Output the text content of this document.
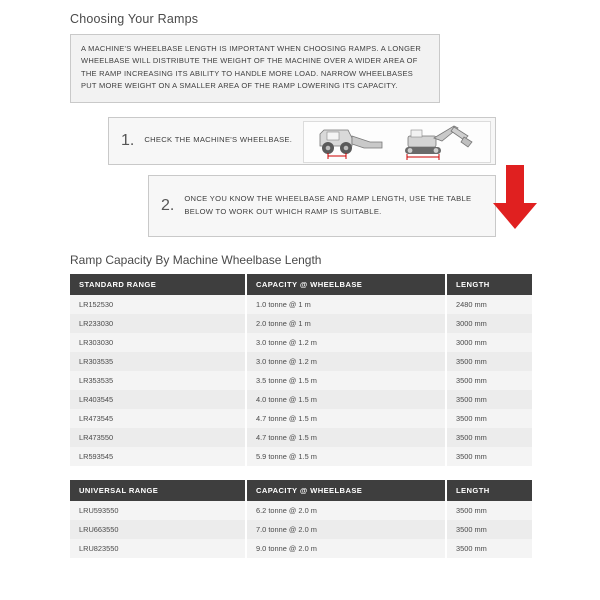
Choosing Your Ramps

A MACHINE'S WHEELBASE LENGTH IS IMPORTANT WHEN CHOOSING RAMPS. A LONGER WHEELBASE WILL DISTRIBUTE THE WEIGHT OF THE MACHINE OVER A WIDER AREA OF THE RAMP INCREASING ITS ABILITY TO HANDLE MORE LOAD. NARROW WHEELBASES PUT MORE WEIGHT ON A SMALLER AREA OF THE RAMP LOWERING ITS CAPACITY.

1. CHECK THE MACHINE'S WHEELBASE.
2. ONCE YOU KNOW THE WHEELBASE AND RAMP LENGTH, USE THE TABLE BELOW TO WORK OUT WHICH RAMP IS SUITABLE.
Ramp Capacity By Machine Wheelbase Length
STANDARD RANGE	CAPACITY @ WHEELBASE	LENGTH
LR152530	1.0 tonne @ 1 m	2480 mm
LR233030	2.0 tonne @ 1 m	3000 mm
LR303030	3.0 tonne @ 1.2 m	3000 mm
LR303535	3.0 tonne @ 1.2 m	3500 mm
LR353535	3.5 tonne @ 1.5 m	3500 mm
LR403545	4.0 tonne @ 1.5 m	3500 mm
LR473545	4.7 tonne @ 1.5 m	3500 mm
LR473550	4.7 tonne @ 1.5 m	3500 mm
LR593545	5.9 tonne @ 1.5 m	3500 mm
UNIVERSAL RANGE	CAPACITY @ WHEELBASE	LENGTH
LRU593550	6.2 tonne @ 2.0 m	3500 mm
LRU663550	7.0 tonne @ 2.0 m	3500 mm
LRU823550	9.0 tonne @ 2.0 m	3500 mm
